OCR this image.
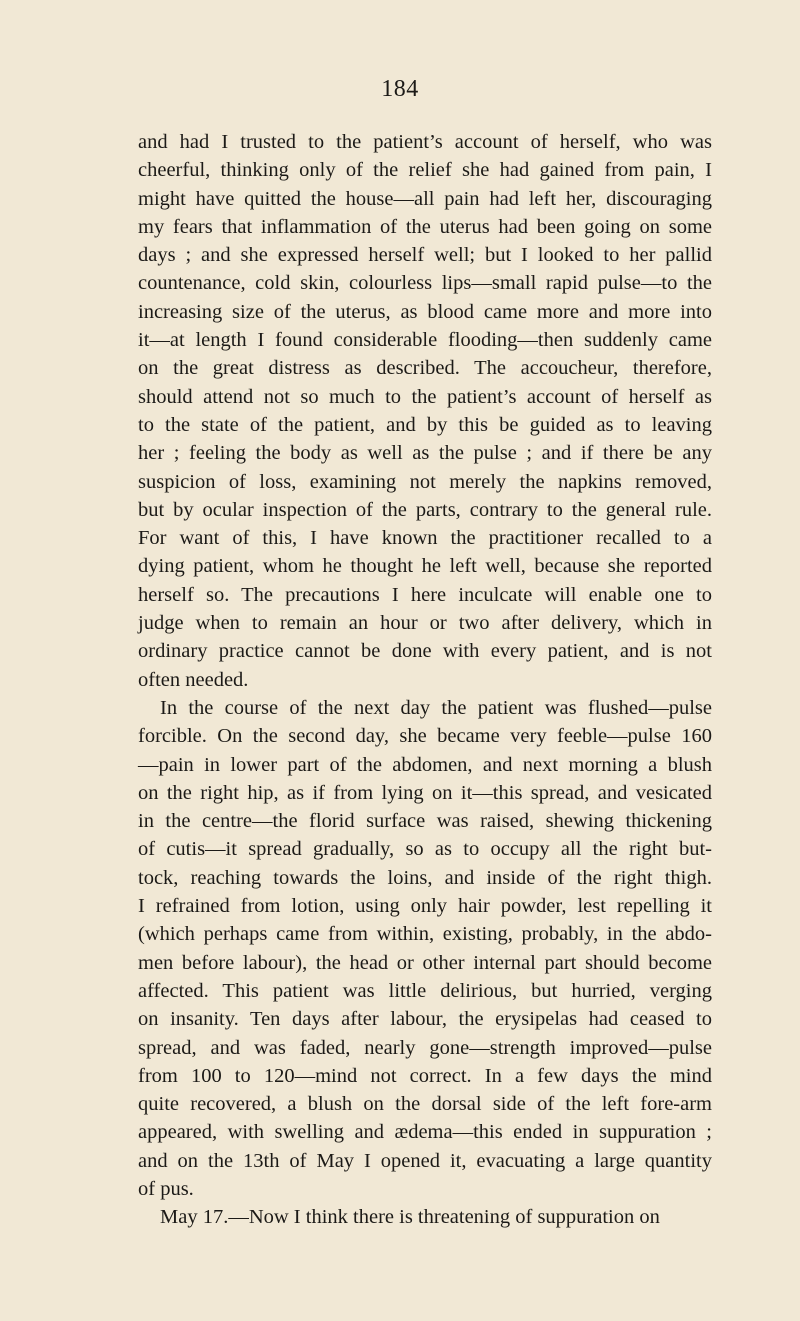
184
and had I trusted to the patient’s account of herself, who was
cheerful, thinking only of the relief she had gained from pain, I
might have quitted the house—all pain had left her, discouraging
my fears that inflammation of the uterus had been going on some
days ; and she expressed herself well; but I looked to her pallid
countenance, cold skin, colourless lips—small rapid pulse—to the
increasing size of the uterus, as blood came more and more into
it—at length I found considerable flooding—then suddenly came
on the great distress as described. The accoucheur, therefore,
should attend not so much to the patient’s account of herself as
to the state of the patient, and by this be guided as to leaving
her ; feeling the body as well as the pulse ; and if there be any
suspicion of loss, examining not merely the napkins removed,
but by ocular inspection of the parts, contrary to the general rule.
For want of this, I have known the practitioner recalled to a
dying patient, whom he thought he left well, because she reported
herself so. The precautions I here inculcate will enable one to
judge when to remain an hour or two after delivery, which in
ordinary practice cannot be done with every patient, and is not
often needed.
In the course of the next day the patient was flushed—pulse
forcible. On the second day, she became very feeble—pulse 160
—pain in lower part of the abdomen, and next morning a blush
on the right hip, as if from lying on it—this spread, and vesicated
in the centre—the florid surface was raised, shewing thickening
of cutis—it spread gradually, so as to occupy all the right but-
tock, reaching towards the loins, and inside of the right thigh.
I refrained from lotion, using only hair powder, lest repelling it
(which perhaps came from within, existing, probably, in the abdo-
men before labour), the head or other internal part should become
affected. This patient was little delirious, but hurried, verging
on insanity. Ten days after labour, the erysipelas had ceased to
spread, and was faded, nearly gone—strength improved—pulse
from 100 to 120—mind not correct. In a few days the mind
quite recovered, a blush on the dorsal side of the left fore-arm
appeared, with swelling and ædema—this ended in suppuration ;
and on the 13th of May I opened it, evacuating a large quantity
of pus.
May 17.—Now I think there is threatening of suppuration on
